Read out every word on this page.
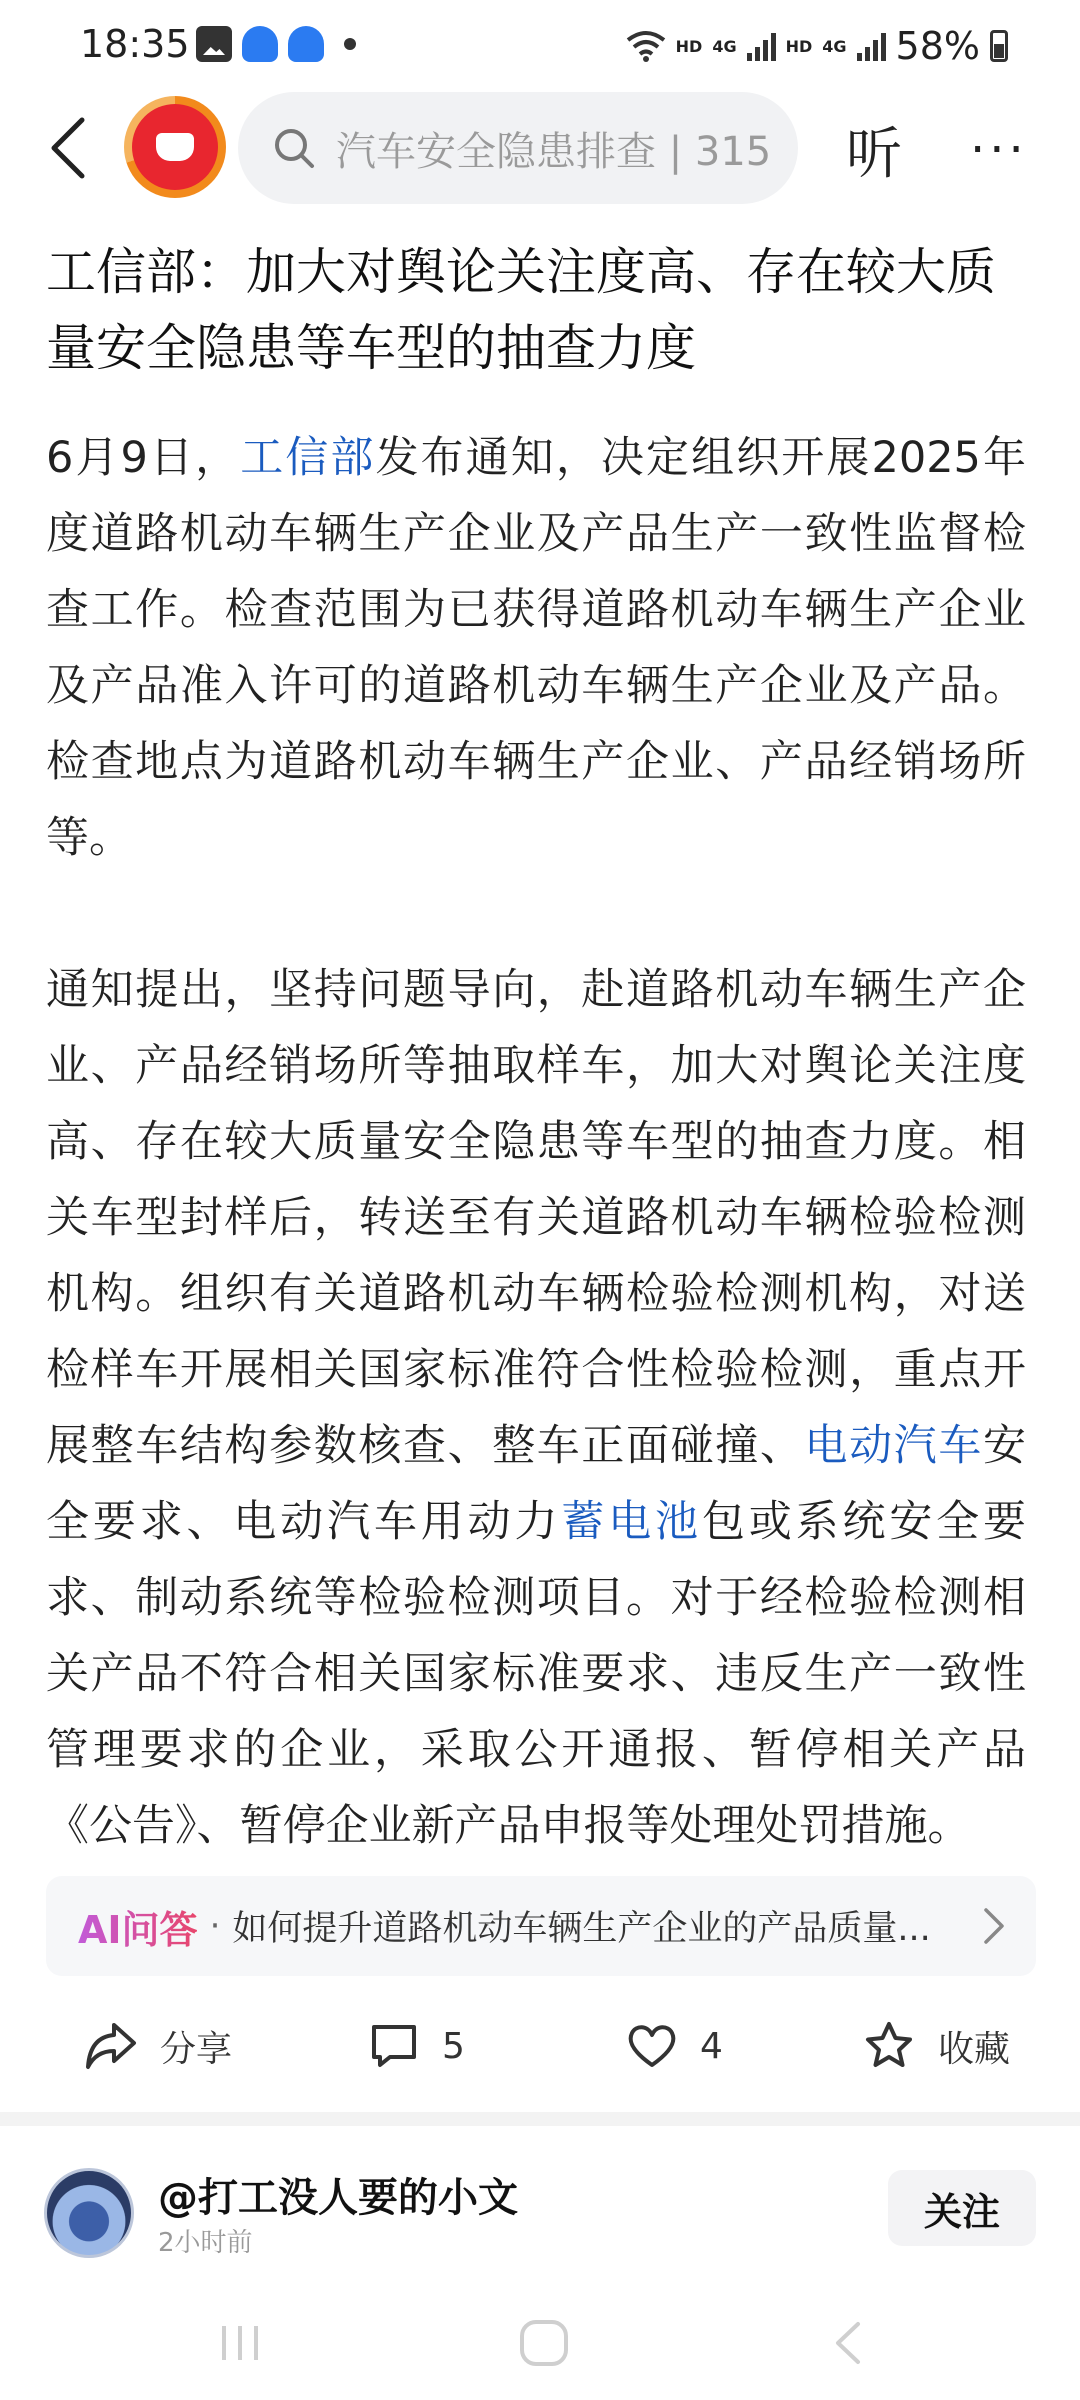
18:35	HD 4G	HD 4G 58%
汽车安全隐患排查 | 315 听 ···
工信部：加大对舆论关注度高、存在较大质量安全隐患等车型的抽查力度

6月9日，工信部发布通知，决定组织开展2025年度道路机动车辆生产企业及产品生产一致性监督检查工作。检查范围为已获得道路机动车辆生产企业及产品准入许可的道路机动车辆生产企业及产品。检查地点为道路机动车辆生产企业、产品经销场所等。

通知提出，坚持问题导向，赴道路机动车辆生产企业、产品经销场所等抽取样车，加大对舆论关注度高、存在较大质量安全隐患等车型的抽查力度。相关车型封样后，转送至有关道路机动车辆检验检测机构。组织有关道路机动车辆检验检测机构，对送检样车开展相关国家标准符合性检验检测，重点开展整车结构参数核查、整车正面碰撞、电动汽车安全要求、电动汽车用动力蓄电池包或系统安全要求、制动系统等检验检测项目。对于经检验检测相关产品不符合相关国家标准要求、违反生产一致性管理要求的企业，采取公开通报、暂停相关产品《公告》、暂停企业新产品申报等处理处罚措施。

AI问答 · 如何提升道路机动车辆生产企业的产品质量...
分享	5	4	收藏
@打工没人要的小文
2小时前
关注
